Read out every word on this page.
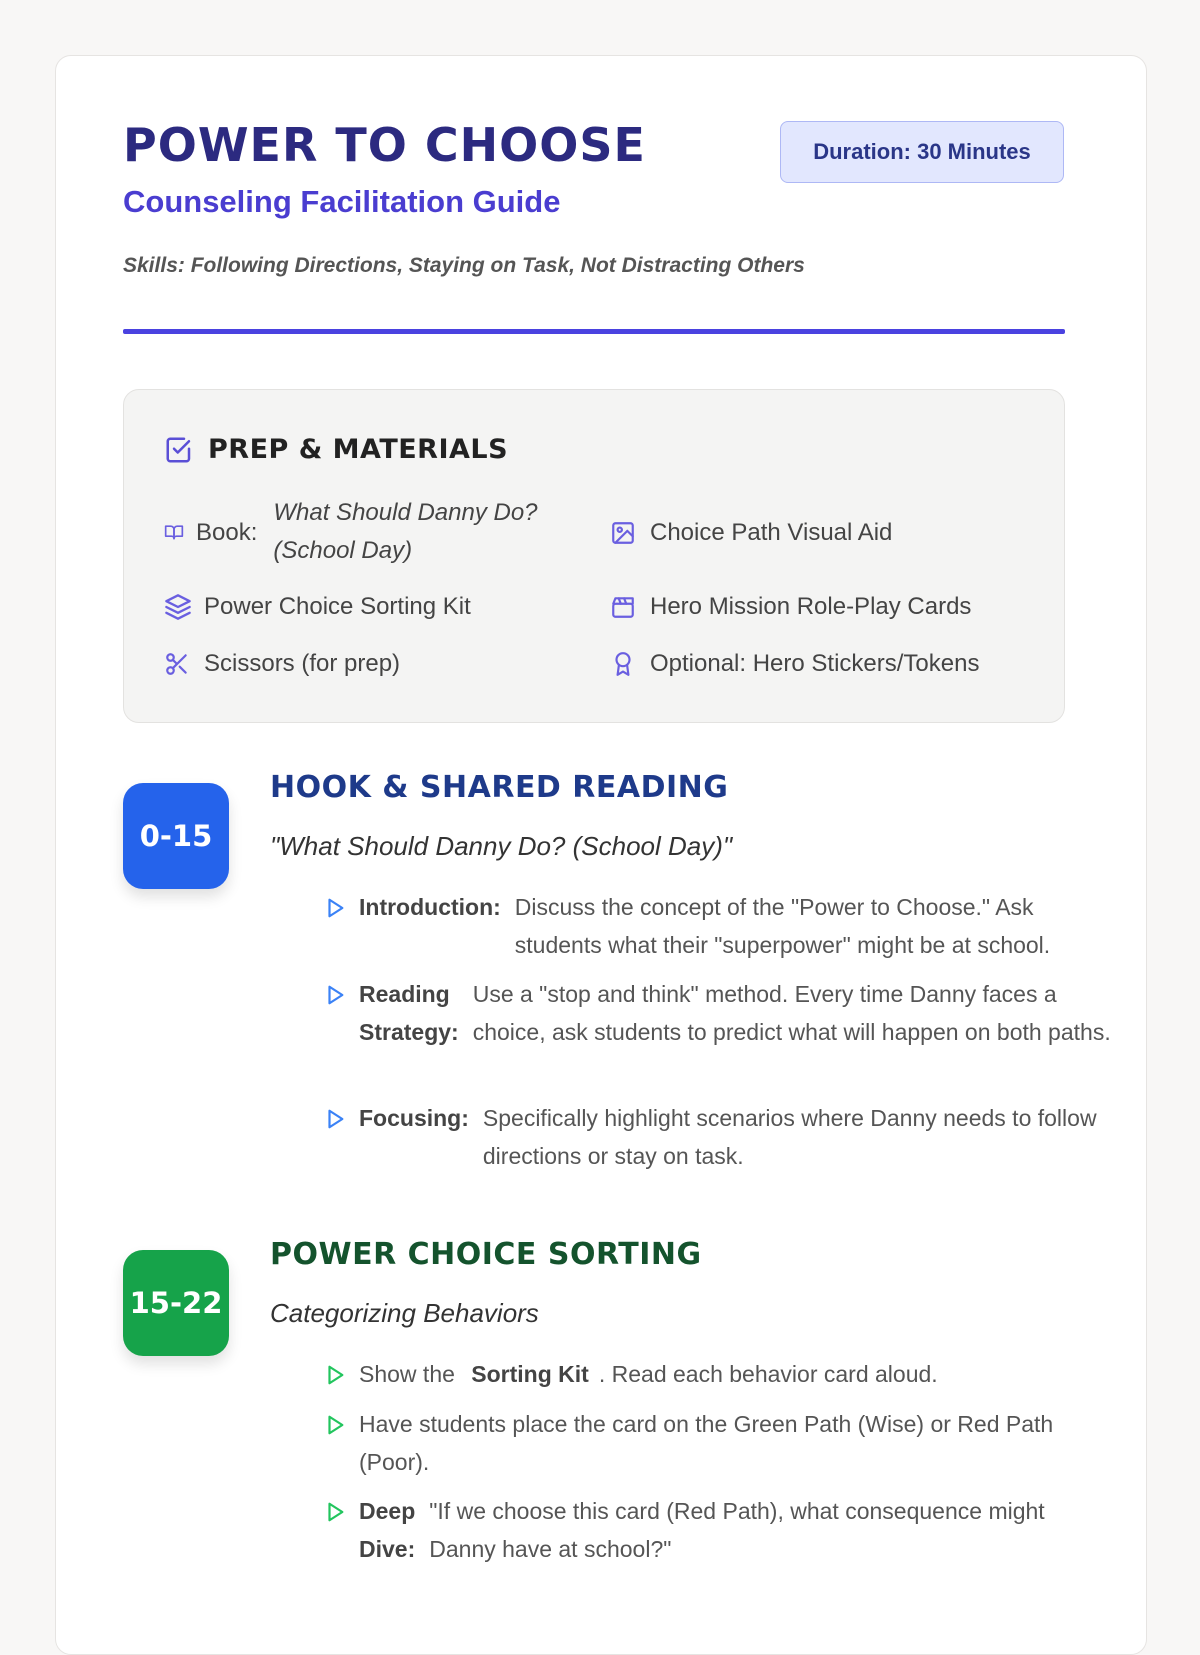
POWER TO CHOOSE
Counseling Facilitation Guide
Duration: 30 Minutes
Skills: Following Directions, Staying on Task, Not Distracting Others
PREP & MATERIALS
Book:
What Should Danny Do?
(School Day)
Choice Path Visual Aid
Power Choice Sorting Kit	Hero Mission Role-Play Cards
Scissors (for prep)	Optional: Hero Stickers/Tokens
0-15
HOOK & SHARED READING
"What Should Danny Do? (School Day)"
Introduction: Discuss the concept of the "Power to Choose." Ask students what their "superpower" might be at school.
Reading
Strategy:
Use a "stop and think" method. Every time Danny faces a choice, ask students to predict what will happen on both paths.
Focusing: Specifically highlight scenarios where Danny needs to follow directions or stay on task.
15-22
POWER CHOICE SORTING
Categorizing Behaviors
Show the Sorting Kit . Read each behavior card aloud.
Have students place the card on the Green Path (Wise) or Red Path (Poor).
Deep
Dive:
"If we choose this card (Red Path), what consequence might Danny have at school?"
